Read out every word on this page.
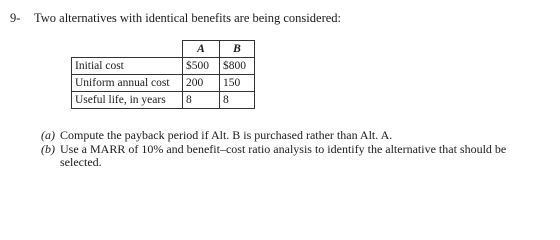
9- Two alternatives with identical benefits are being considered:
	A	B
Initial cost	$500	$800
Uniform annual cost	200	150
Useful life, in years	8	8
(a) Compute the payback period if Alt. B is purchased rather than Alt. A.
(b) Use a MARR of 10% and benefit–cost ratio analysis to identify the alternative that should be selected.
